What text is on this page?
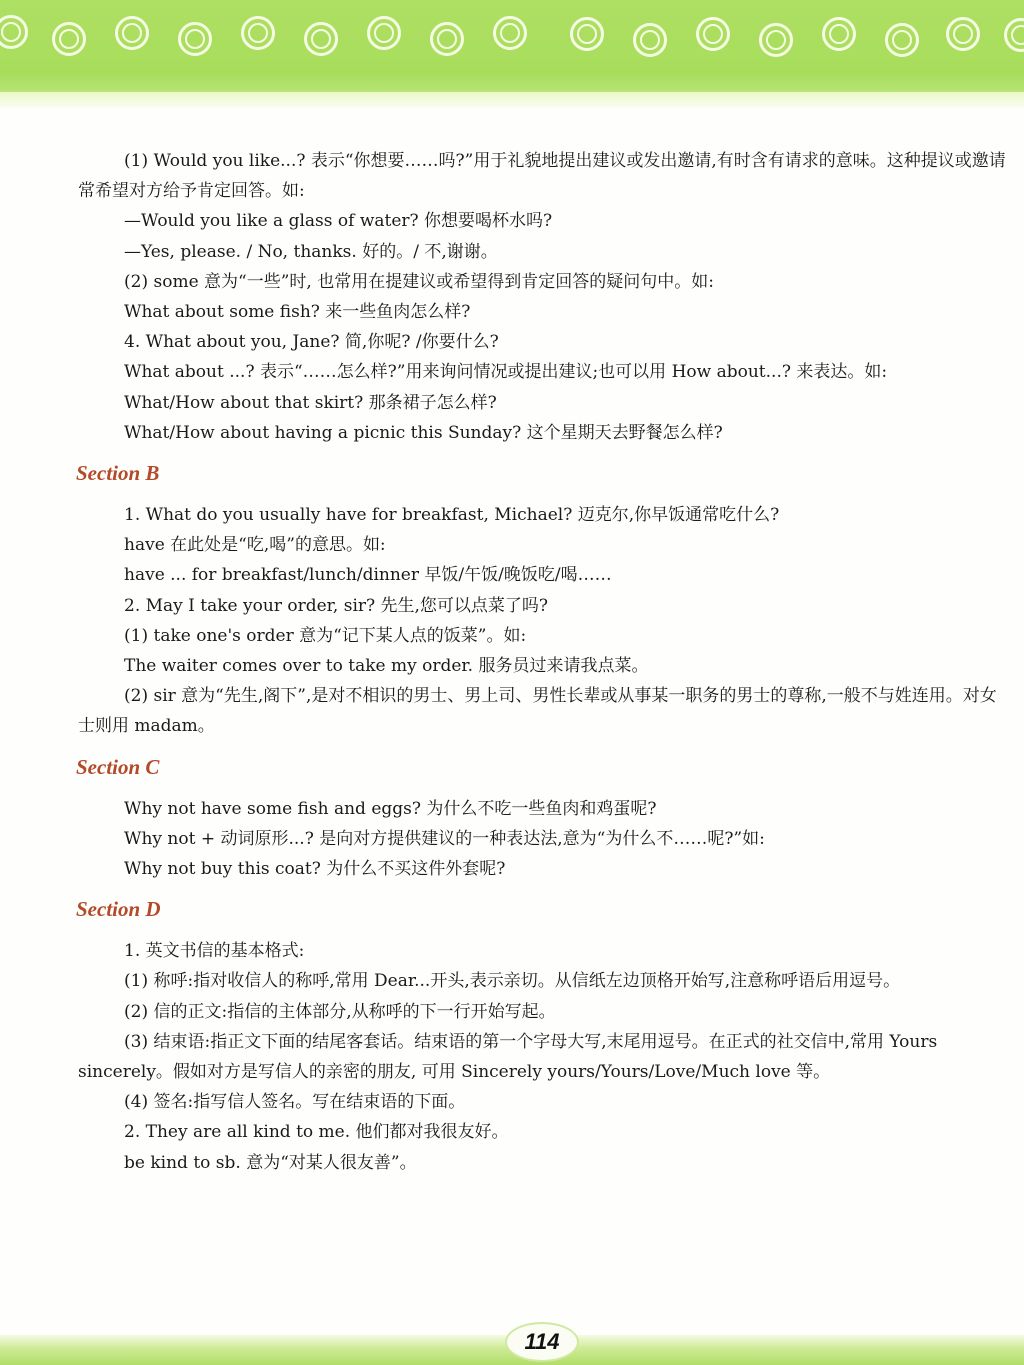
(1) Would you like...? 表示“你想要……吗?”用于礼貌地提出建议或发出邀请,有时含有请求的意味。这种提议或邀请常希望对方给予肯定回答。如:
—Would you like a glass of water? 你想要喝杯水吗?
—Yes, please. / No, thanks. 好的。/ 不,谢谢。
(2) some 意为“一些”时, 也常用在提建议或希望得到肯定回答的疑问句中。如:
What about some fish? 来一些鱼肉怎么样?
4. What about you, Jane? 简,你呢? /你要什么?
What about ...? 表示“……怎么样?”用来询问情况或提出建议;也可以用 How about...? 来表达。如:
What/How about that skirt? 那条裙子怎么样?
What/How about having a picnic this Sunday? 这个星期天去野餐怎么样?
Section B
1. What do you usually have for breakfast, Michael? 迈克尔,你早饭通常吃什么?
have 在此处是“吃,喝”的意思。如:
have ... for breakfast/lunch/dinner 早饭/午饭/晚饭吃/喝……
2. May I take your order, sir? 先生,您可以点菜了吗?
(1) take one's order 意为“记下某人点的饭菜”。如:
The waiter comes over to take my order. 服务员过来请我点菜。
(2) sir 意为“先生,阁下”,是对不相识的男士、男上司、男性长辈或从事某一职务的男士的尊称,一般不与姓连用。对女士则用 madam。
Section C
Why not have some fish and eggs? 为什么不吃一些鱼肉和鸡蛋呢?
Why not + 动词原形...? 是向对方提供建议的一种表达法,意为“为什么不……呢?”如:
Why not buy this coat? 为什么不买这件外套呢?
Section D
1. 英文书信的基本格式:
(1) 称呼:指对收信人的称呼,常用 Dear...开头,表示亲切。从信纸左边顶格开始写,注意称呼语后用逗号。
(2) 信的正文:指信的主体部分,从称呼的下一行开始写起。
(3) 结束语:指正文下面的结尾客套话。结束语的第一个字母大写,末尾用逗号。在正式的社交信中,常用 Yours sincerely。假如对方是写信人的亲密的朋友, 可用 Sincerely yours/Yours/Love/Much love 等。
(4) 签名:指写信人签名。写在结束语的下面。
2. They are all kind to me. 他们都对我很友好。
be kind to sb. 意为“对某人很友善”。
114
